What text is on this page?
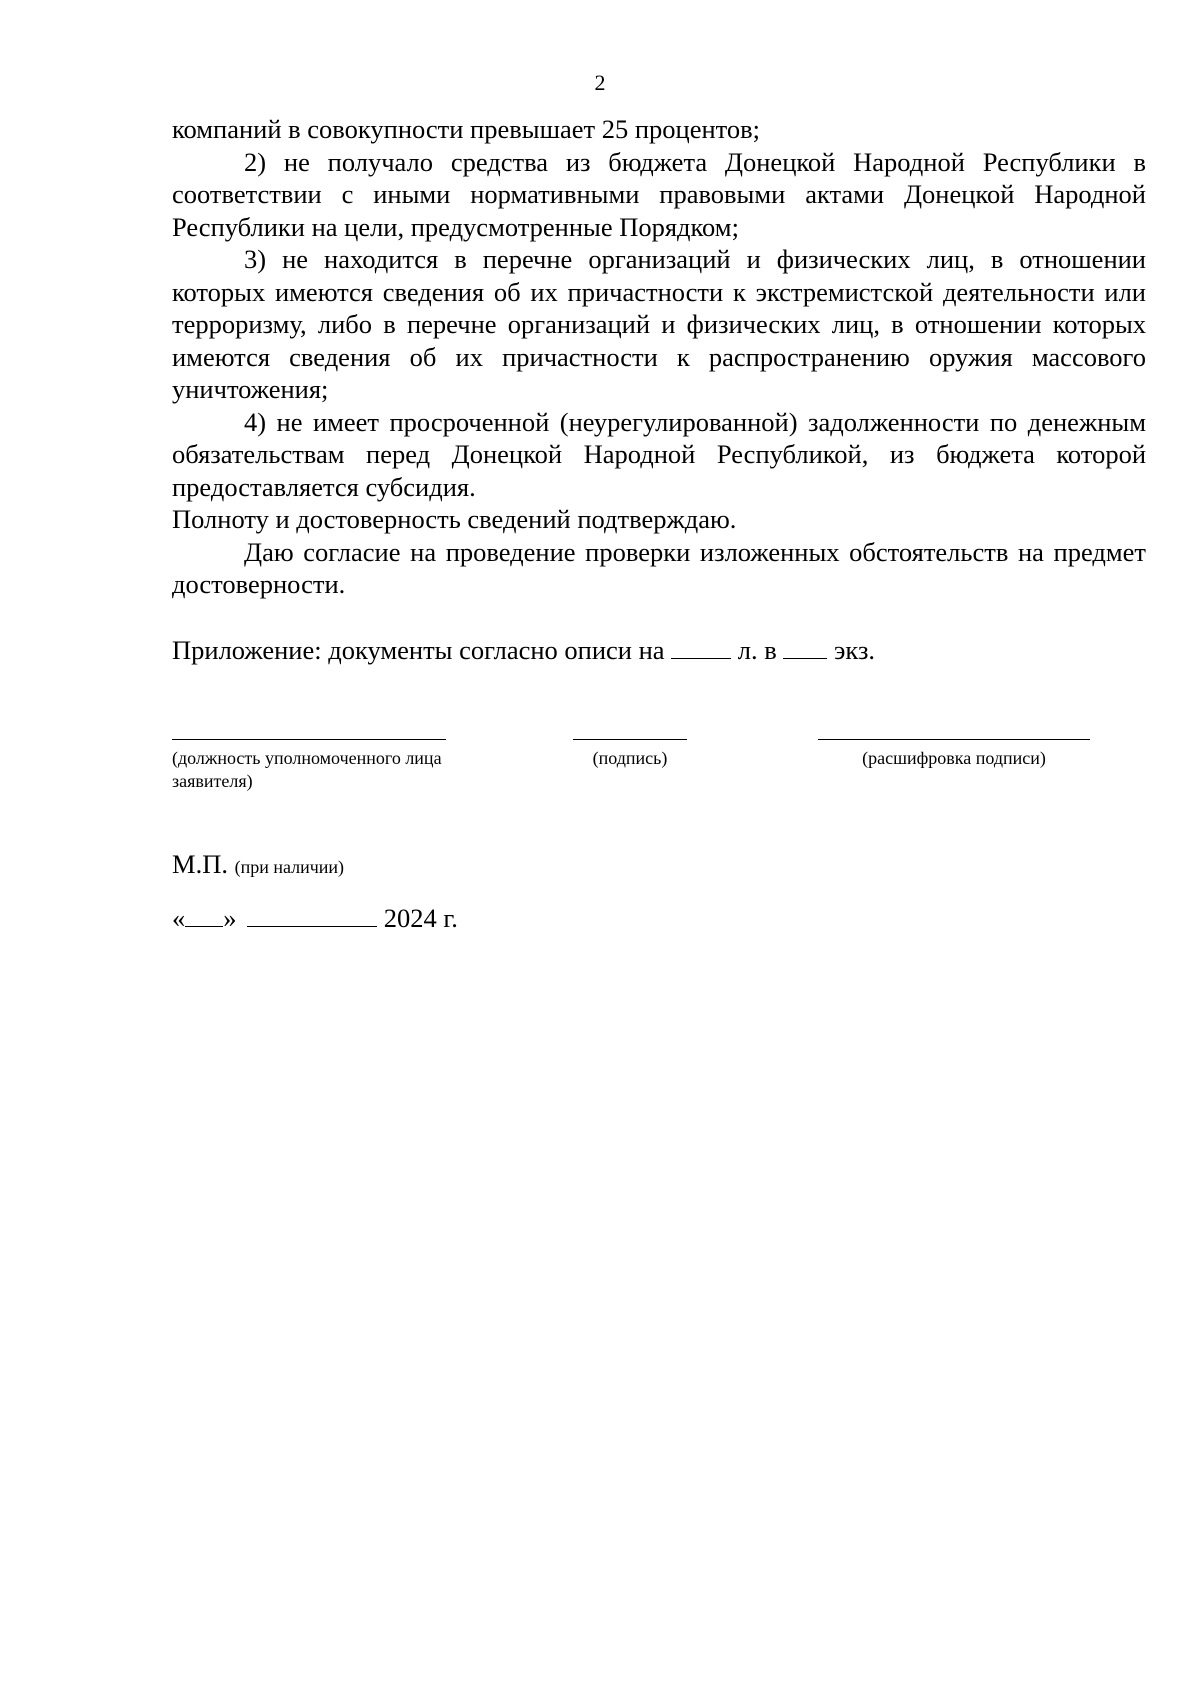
2

компаний в совокупности превышает 25 процентов;

2) не получало средства из бюджета Донецкой Народной Республики в соответствии с иными нормативными правовыми актами Донецкой Народной Республики на цели, предусмотренные Порядком;

3) не находится в перечне организаций и физических лиц, в отношении которых имеются сведения об их причастности к экстремистской деятельности или терроризму, либо в перечне организаций и физических лиц, в отношении которых имеются сведения об их причастности к распространению оружия массового уничтожения;

4) не имеет просроченной (неурегулированной) задолженности по денежным обязательствам перед Донецкой Народной Республикой, из бюджета которой предоставляется субсидия.

Полноту и достоверность сведений подтверждаю.

Даю согласие на проведение проверки изложенных обстоятельств на предмет достоверности.

Приложение: документы согласно описи на	л. в экз.
(должность уполномоченного лица заявителя)
(подпись)	(расшифровка подписи)
М.П. (при наличии)
« »	2024 г.
